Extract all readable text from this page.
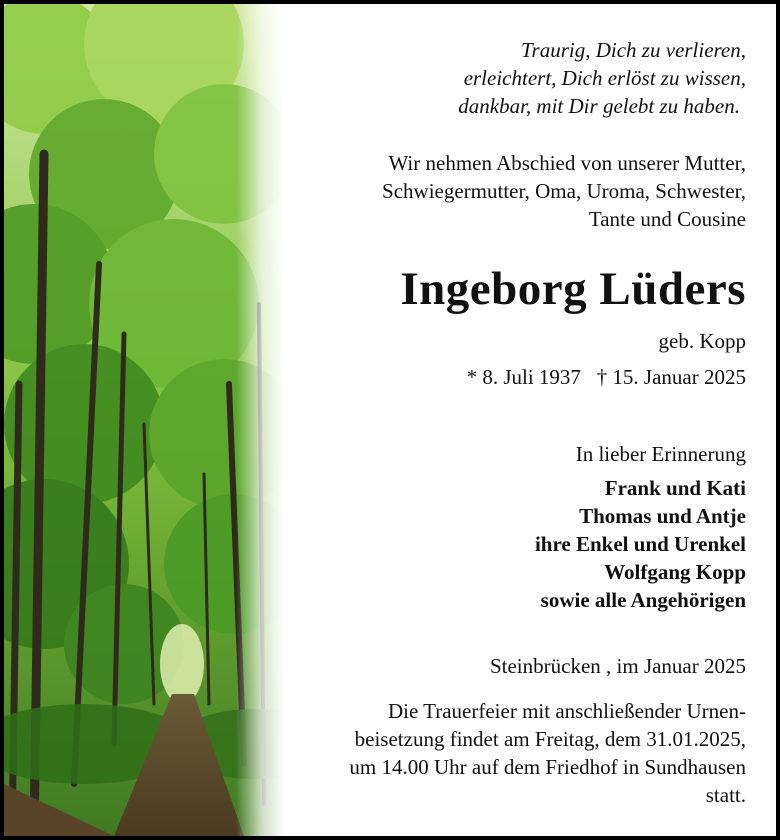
Traurig, Dich zu verlieren,
erleichtert, Dich erlöst zu wissen,
dankbar, mit Dir gelebt zu haben.
Wir nehmen Abschied von unserer Mutter,
Schwiegermutter, Oma, Uroma, Schwester,
Tante und Cousine
Ingeborg Lüders
geb. Kopp
* 8. Juli 1937   † 15. Januar 2025
In lieber Erinnerung
Frank und Kati
Thomas und Antje
ihre Enkel und Urenkel
Wolfgang Kopp
sowie alle Angehörigen
Steinbrücken , im Januar 2025
Die Trauerfeier mit anschließender Urnen-
beisetzung findet am Freitag, dem 31.01.2025,
um 14.00 Uhr auf dem Friedhof in Sundhausen
statt.
